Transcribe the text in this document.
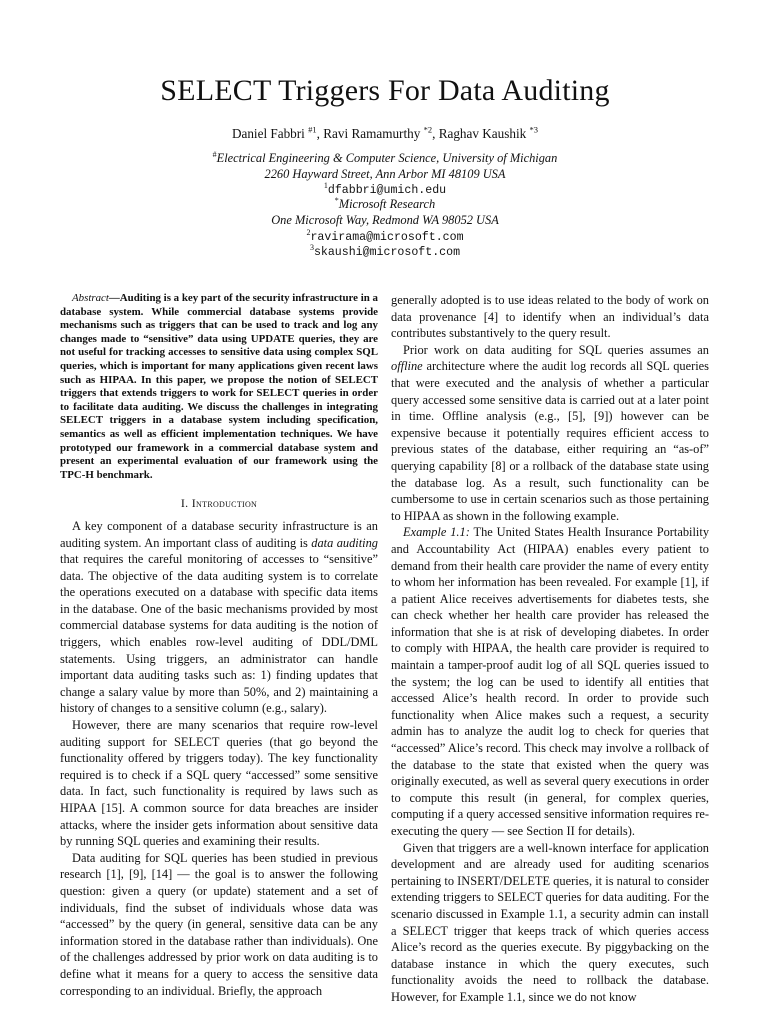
SELECT Triggers For Data Auditing
Daniel Fabbri $^{\#1}$, Ravi Ramamurthy $^{*2}$, Raghav Kaushik $^{*3}$
#Electrical Engineering & Computer Science, University of Michigan
2260 Hayward Street, Ann Arbor MI 48109 USA
$^1$dfabbri@umich.edu
*Microsoft Research
One Microsoft Way, Redmond WA 98052 USA
$^2$ravirama@microsoft.com
$^3$skaushi@microsoft.com

Abstract—Auditing is a key part of the security infrastructure in a database system. While commercial database systems provide mechanisms such as triggers that can be used to track and log any changes made to “sensitive” data using UPDATE queries, they are not useful for tracking accesses to sensitive data using complex SQL queries, which is important for many applications given recent laws such as HIPAA. In this paper, we propose the notion of SELECT triggers that extends triggers to work for SELECT queries in order to facilitate data auditing. We discuss the challenges in integrating SELECT triggers in a database system including specification, semantics as well as efficient implementation techniques. We have prototyped our framework in a commercial database system and present an experimental evaluation of our framework using the TPC-H benchmark.

I. Introduction

A key component of a database security infrastructure is an auditing system. An important class of auditing is data auditing that requires the careful monitoring of accesses to “sensitive” data. The objective of the data auditing system is to correlate the operations executed on a database with specific data items in the database. One of the basic mechanisms provided by most commercial database systems for data auditing is the notion of triggers, which enables row-level auditing of DDL/DML statements. Using triggers, an administrator can handle important data auditing tasks such as: 1) finding updates that change a salary value by more than 50%, and 2) maintaining a history of changes to a sensitive column (e.g., salary).

However, there are many scenarios that require row-level auditing support for SELECT queries (that go beyond the functionality offered by triggers today). The key functionality required is to check if a SQL query “accessed” some sensitive data. In fact, such functionality is required by laws such as HIPAA [15]. A common source for data breaches are insider attacks, where the insider gets information about sensitive data by running SQL queries and examining their results.

Data auditing for SQL queries has been studied in previous research [1], [9], [14] — the goal is to answer the following question: given a query (or update) statement and a set of individuals, find the subset of individuals whose data was “accessed” by the query (in general, sensitive data can be any information stored in the database rather than individuals). One of the challenges addressed by prior work on data auditing is to define what it means for a query to access the sensitive data corresponding to an individual. Briefly, the approach

generally adopted is to use ideas related to the body of work on data provenance [4] to identify when an individual’s data contributes substantively to the query result.

Prior work on data auditing for SQL queries assumes an offline architecture where the audit log records all SQL queries that were executed and the analysis of whether a particular query accessed some sensitive data is carried out at a later point in time. Offline analysis (e.g., [5], [9]) however can be expensive because it potentially requires efficient access to previous states of the database, either requiring an “as-of” querying capability [8] or a rollback of the database state using the database log. As a result, such functionality can be cumbersome to use in certain scenarios such as those pertaining to HIPAA as shown in the following example.

Example 1.1: The United States Health Insurance Portability and Accountability Act (HIPAA) enables every patient to demand from their health care provider the name of every entity to whom her information has been revealed. For example [1], if a patient Alice receives advertisements for diabetes tests, she can check whether her health care provider has released the information that she is at risk of developing diabetes. In order to comply with HIPAA, the health care provider is required to maintain a tamper-proof audit log of all SQL queries issued to the system; the log can be used to identify all entities that accessed Alice’s health record. In order to provide such functionality when Alice makes such a request, a security admin has to analyze the audit log to check for queries that “accessed” Alice’s record. This check may involve a rollback of the database to the state that existed when the query was originally executed, as well as several query executions in order to compute this result (in general, for complex queries, computing if a query accessed sensitive information requires re-executing the query — see Section II for details).

Given that triggers are a well-known interface for application development and are already used for auditing scenarios pertaining to INSERT/DELETE queries, it is natural to consider extending triggers to SELECT queries for data auditing. For the scenario discussed in Example 1.1, a security admin can install a SELECT trigger that keeps track of which queries access Alice’s record as the queries execute. By piggybacking on the database instance in which the query executes, such functionality avoids the need to rollback the database. However, for Example 1.1, since we do not know
